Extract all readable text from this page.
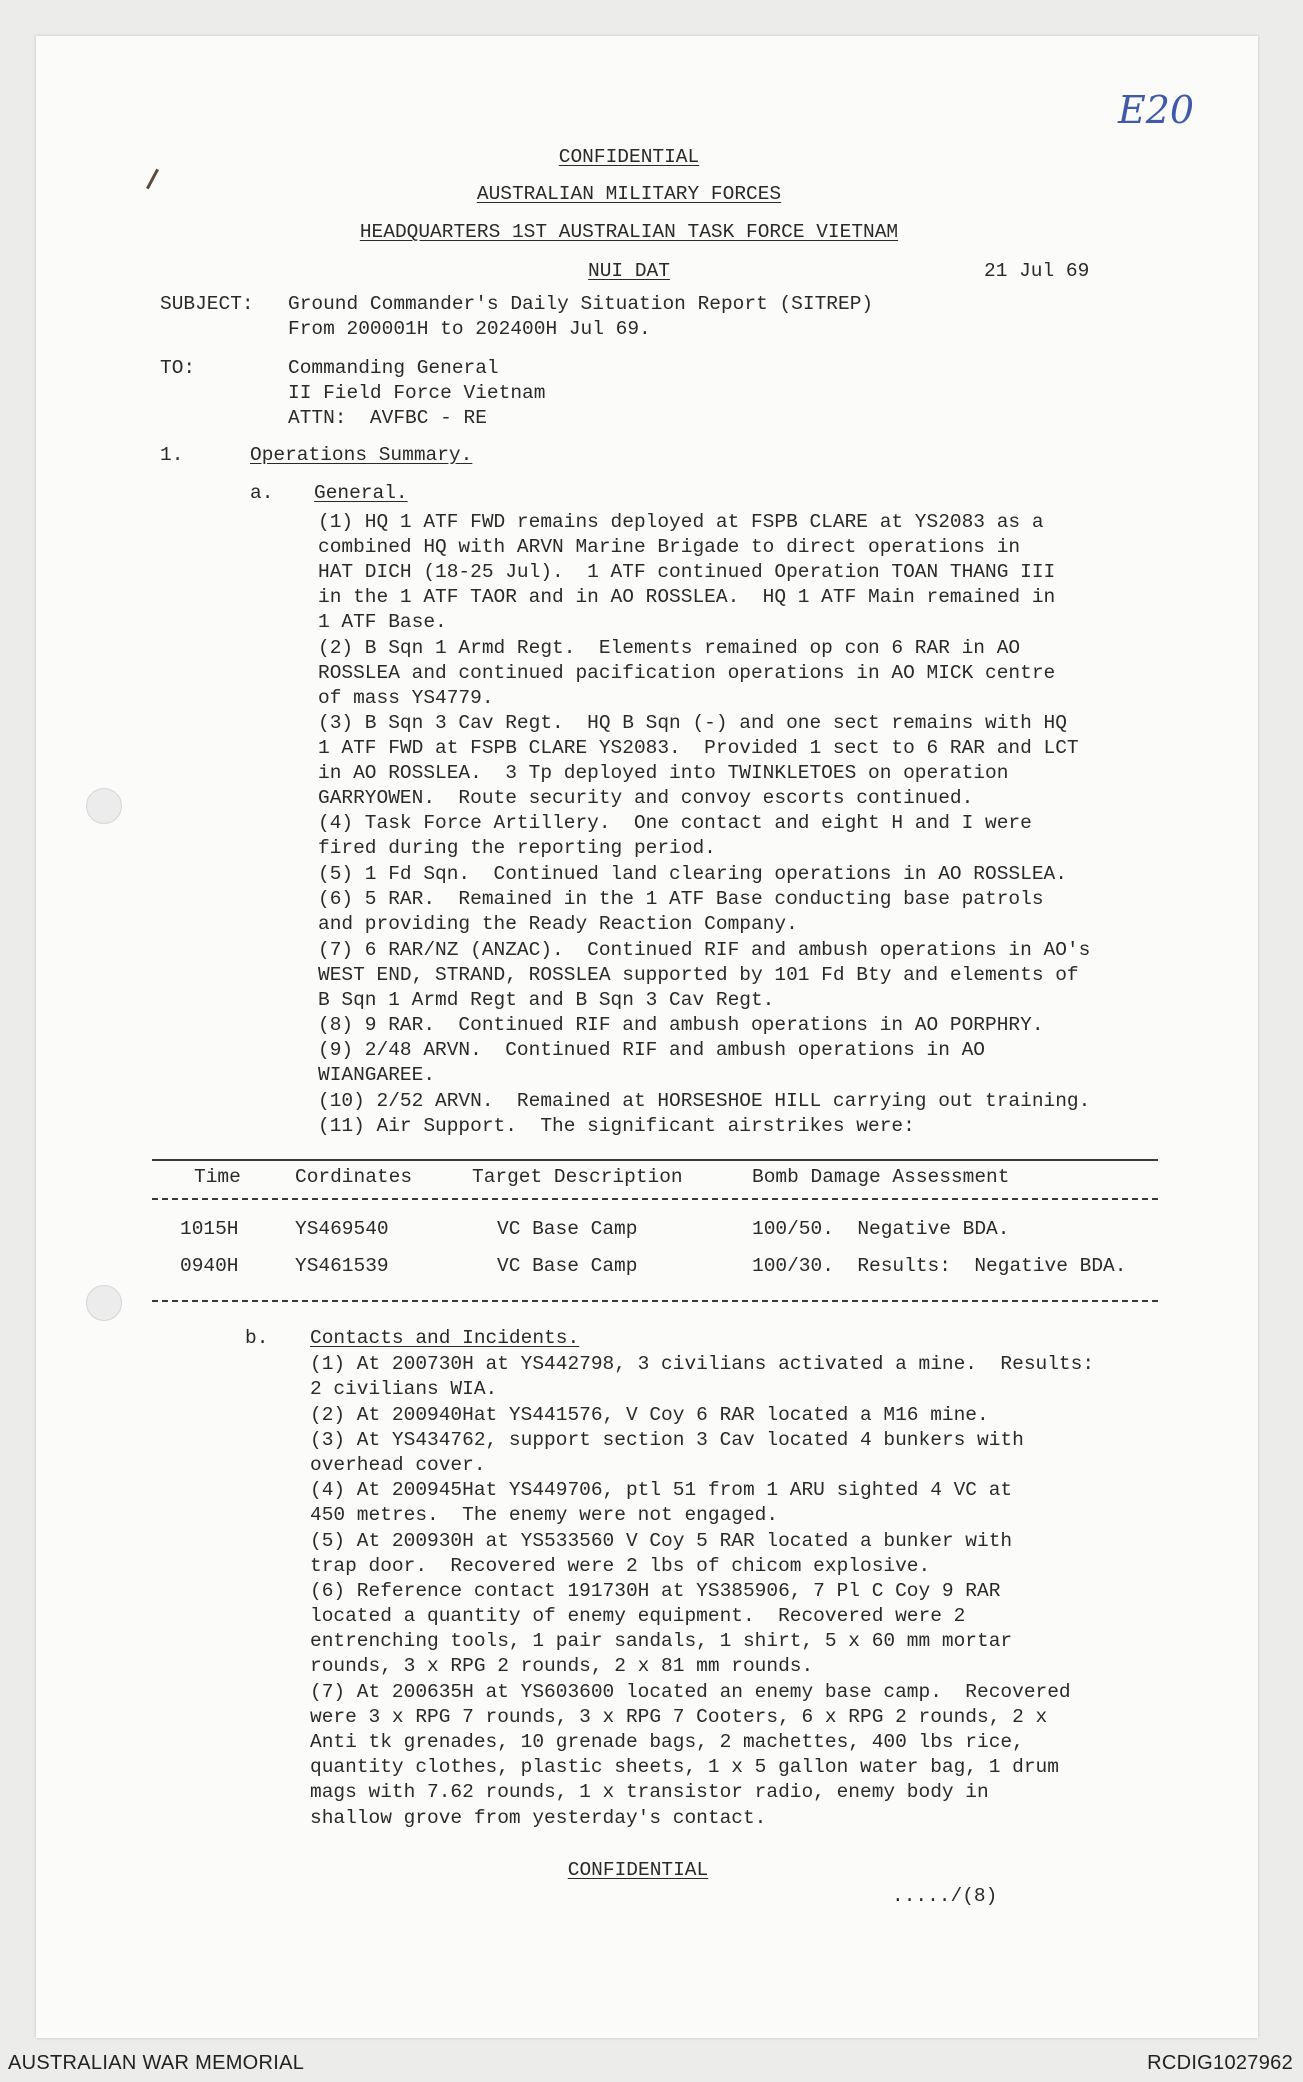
E20
CONFIDENTIAL
AUSTRALIAN MILITARY FORCES
HEADQUARTERS 1ST AUSTRALIAN TASK FORCE VIETNAM
NUI DAT	21 Jul 69
SUBJECT: Ground Commander's Daily Situation Report (SITREP)
From 200001H to 202400H Jul 69.
TO:	Commanding General
II Field Force Vietnam
ATTN:  AVFBC - RE
1.	Operations Summary.
a. General.
(1) HQ 1 ATF FWD remains deployed at FSPB CLARE at YS2083 as a
combined HQ with ARVN Marine Brigade to direct operations in
HAT DICH (18-25 Jul).  1 ATF continued Operation TOAN THANG III
in the 1 ATF TAOR and in AO ROSSLEA.  HQ 1 ATF Main remained in
1 ATF Base.
(2) B Sqn 1 Armd Regt.  Elements remained op con 6 RAR in AO
ROSSLEA and continued pacification operations in AO MICK centre
of mass YS4779.
(3) B Sqn 3 Cav Regt.  HQ B Sqn (-) and one sect remains with HQ
1 ATF FWD at FSPB CLARE YS2083.  Provided 1 sect to 6 RAR and LCT
in AO ROSSLEA.  3 Tp deployed into TWINKLETOES on operation
GARRYOWEN.  Route security and convoy escorts continued.
(4) Task Force Artillery.  One contact and eight H and I were
fired during the reporting period.
(5) 1 Fd Sqn.  Continued land clearing operations in AO ROSSLEA.
(6) 5 RAR.  Remained in the 1 ATF Base conducting base patrols
and providing the Ready Reaction Company.
(7) 6 RAR/NZ (ANZAC).  Continued RIF and ambush operations in AO's
WEST END, STRAND, ROSSLEA supported by 101 Fd Bty and elements of
B Sqn 1 Armd Regt and B Sqn 3 Cav Regt.
(8) 9 RAR.  Continued RIF and ambush operations in AO PORPHRY.
(9) 2/48 ARVN.  Continued RIF and ambush operations in AO
WIANGAREE.
(10) 2/52 ARVN.  Remained at HORSESHOE HILL carrying out training.
(11) Air Support.  The significant airstrikes were:
Time	Cordinates	Target Description	Bomb Damage Assessment
1015H	YS469540	VC Base Camp	100/50.  Negative BDA.
0940H	YS461539	VC Base Camp	100/30.  Results:  Negative BDA.
b. Contacts and Incidents.
(1) At 200730H at YS442798, 3 civilians activated a mine.  Results:
2 civilians WIA.
(2) At 200940Hat YS441576, V Coy 6 RAR located a M16 mine.
(3) At YS434762, support section 3 Cav located 4 bunkers with
overhead cover.
(4) At 200945Hat YS449706, ptl 51 from 1 ARU sighted 4 VC at
450 metres.  The enemy were not engaged.
(5) At 200930H at YS533560 V Coy 5 RAR located a bunker with
trap door.  Recovered were 2 lbs of chicom explosive.
(6) Reference contact 191730H at YS385906, 7 Pl C Coy 9 RAR
located a quantity of enemy equipment.  Recovered were 2
entrenching tools, 1 pair sandals, 1 shirt, 5 x 60 mm mortar
rounds, 3 x RPG 2 rounds, 2 x 81 mm rounds.
(7) At 200635H at YS603600 located an enemy base camp.  Recovered
were 3 x RPG 7 rounds, 3 x RPG 7 Cooters, 6 x RPG 2 rounds, 2 x
Anti tk grenades, 10 grenade bags, 2 machettes, 400 lbs rice,
quantity clothes, plastic sheets, 1 x 5 gallon water bag, 1 drum
mags with 7.62 rounds, 1 x transistor radio, enemy body in
shallow grove from yesterday's contact.
CONFIDENTIAL
...../(8)
AUSTRALIAN WAR MEMORIAL	RCDIG1027962
